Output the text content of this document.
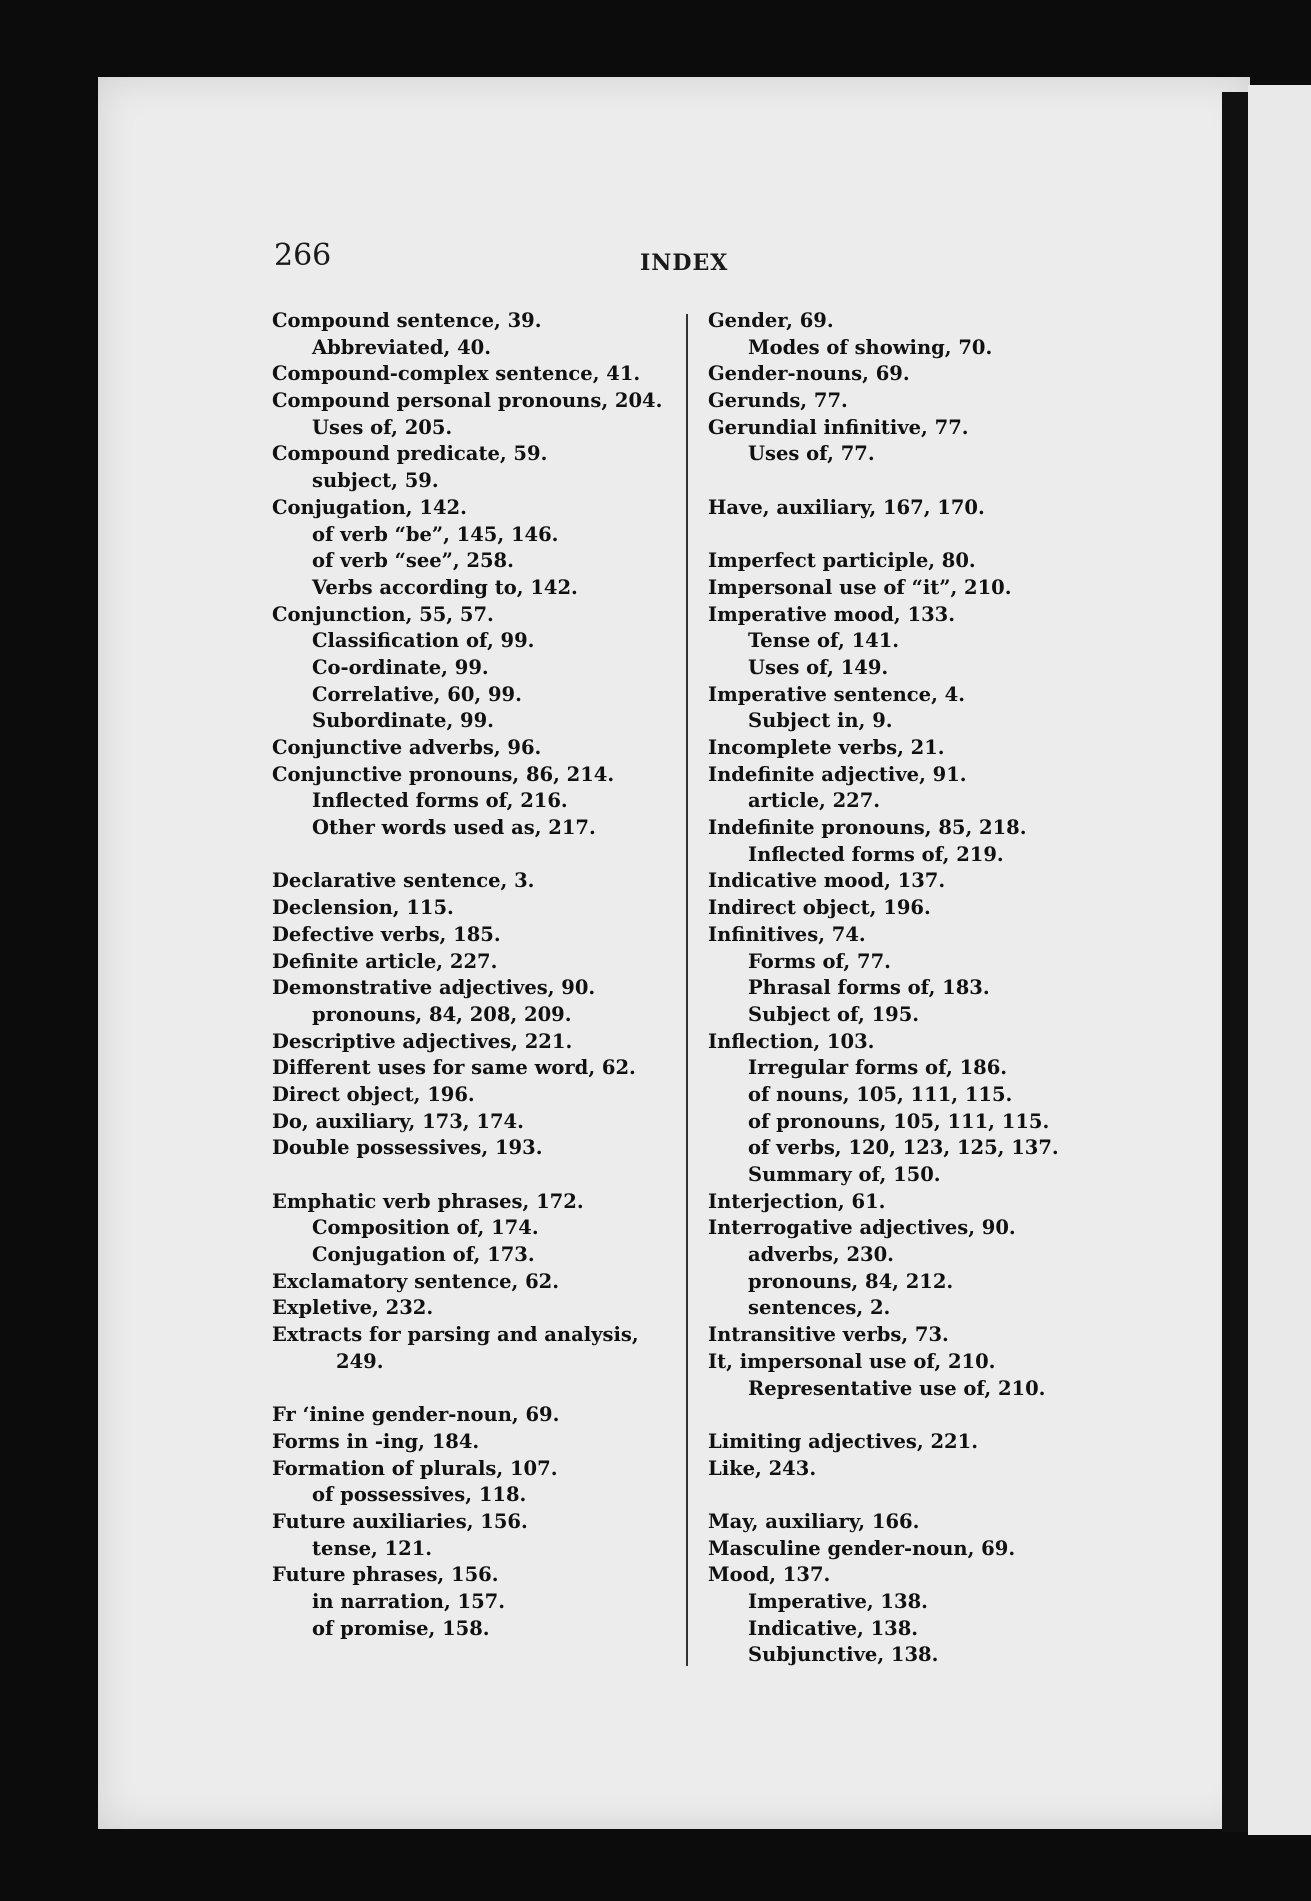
266	INDEX
Compound sentence, 39.
Abbreviated, 40.
Compound-complex sentence, 41.
Compound personal pronouns, 204.
Uses of, 205.
Compound predicate, 59.
subject, 59.
Conjugation, 142.
of verb “be”, 145, 146.
of verb “see”, 258.
Verbs according to, 142.
Conjunction, 55, 57.
Classification of, 99.
Co-ordinate, 99.
Correlative, 60, 99.
Subordinate, 99.
Conjunctive adverbs, 96.
Conjunctive pronouns, 86, 214.
Inflected forms of, 216.
Other words used as, 217.
Declarative sentence, 3.
Declension, 115.
Defective verbs, 185.
Definite article, 227.
Demonstrative adjectives, 90.
pronouns, 84, 208, 209.
Descriptive adjectives, 221.
Different uses for same word, 62.
Direct object, 196.
Do, auxiliary, 173, 174.
Double possessives, 193.
Emphatic verb phrases, 172.
Composition of, 174.
Conjugation of, 173.
Exclamatory sentence, 62.
Expletive, 232.
Extracts for parsing and analysis,
249.
Fr ‘inine gender-noun, 69.
Forms in -ing, 184.
Formation of plurals, 107.
of possessives, 118.
Future auxiliaries, 156.
tense, 121.
Future phrases, 156.
in narration, 157.
of promise, 158.
Gender, 69.
Modes of showing, 70.
Gender-nouns, 69.
Gerunds, 77.
Gerundial infinitive, 77.
Uses of, 77.
Have, auxiliary, 167, 170.
Imperfect participle, 80.
Impersonal use of “it”, 210.
Imperative mood, 133.
Tense of, 141.
Uses of, 149.
Imperative sentence, 4.
Subject in, 9.
Incomplete verbs, 21.
Indefinite adjective, 91.
article, 227.
Indefinite pronouns, 85, 218.
Inflected forms of, 219.
Indicative mood, 137.
Indirect object, 196.
Infinitives, 74.
Forms of, 77.
Phrasal forms of, 183.
Subject of, 195.
Inflection, 103.
Irregular forms of, 186.
of nouns, 105, 111, 115.
of pronouns, 105, 111, 115.
of verbs, 120, 123, 125, 137.
Summary of, 150.
Interjection, 61.
Interrogative adjectives, 90.
adverbs, 230.
pronouns, 84, 212.
sentences, 2.
Intransitive verbs, 73.
It, impersonal use of, 210.
Representative use of, 210.
Limiting adjectives, 221.
Like, 243.
May, auxiliary, 166.
Masculine gender-noun, 69.
Mood, 137.
Imperative, 138.
Indicative, 138.
Subjunctive, 138.
